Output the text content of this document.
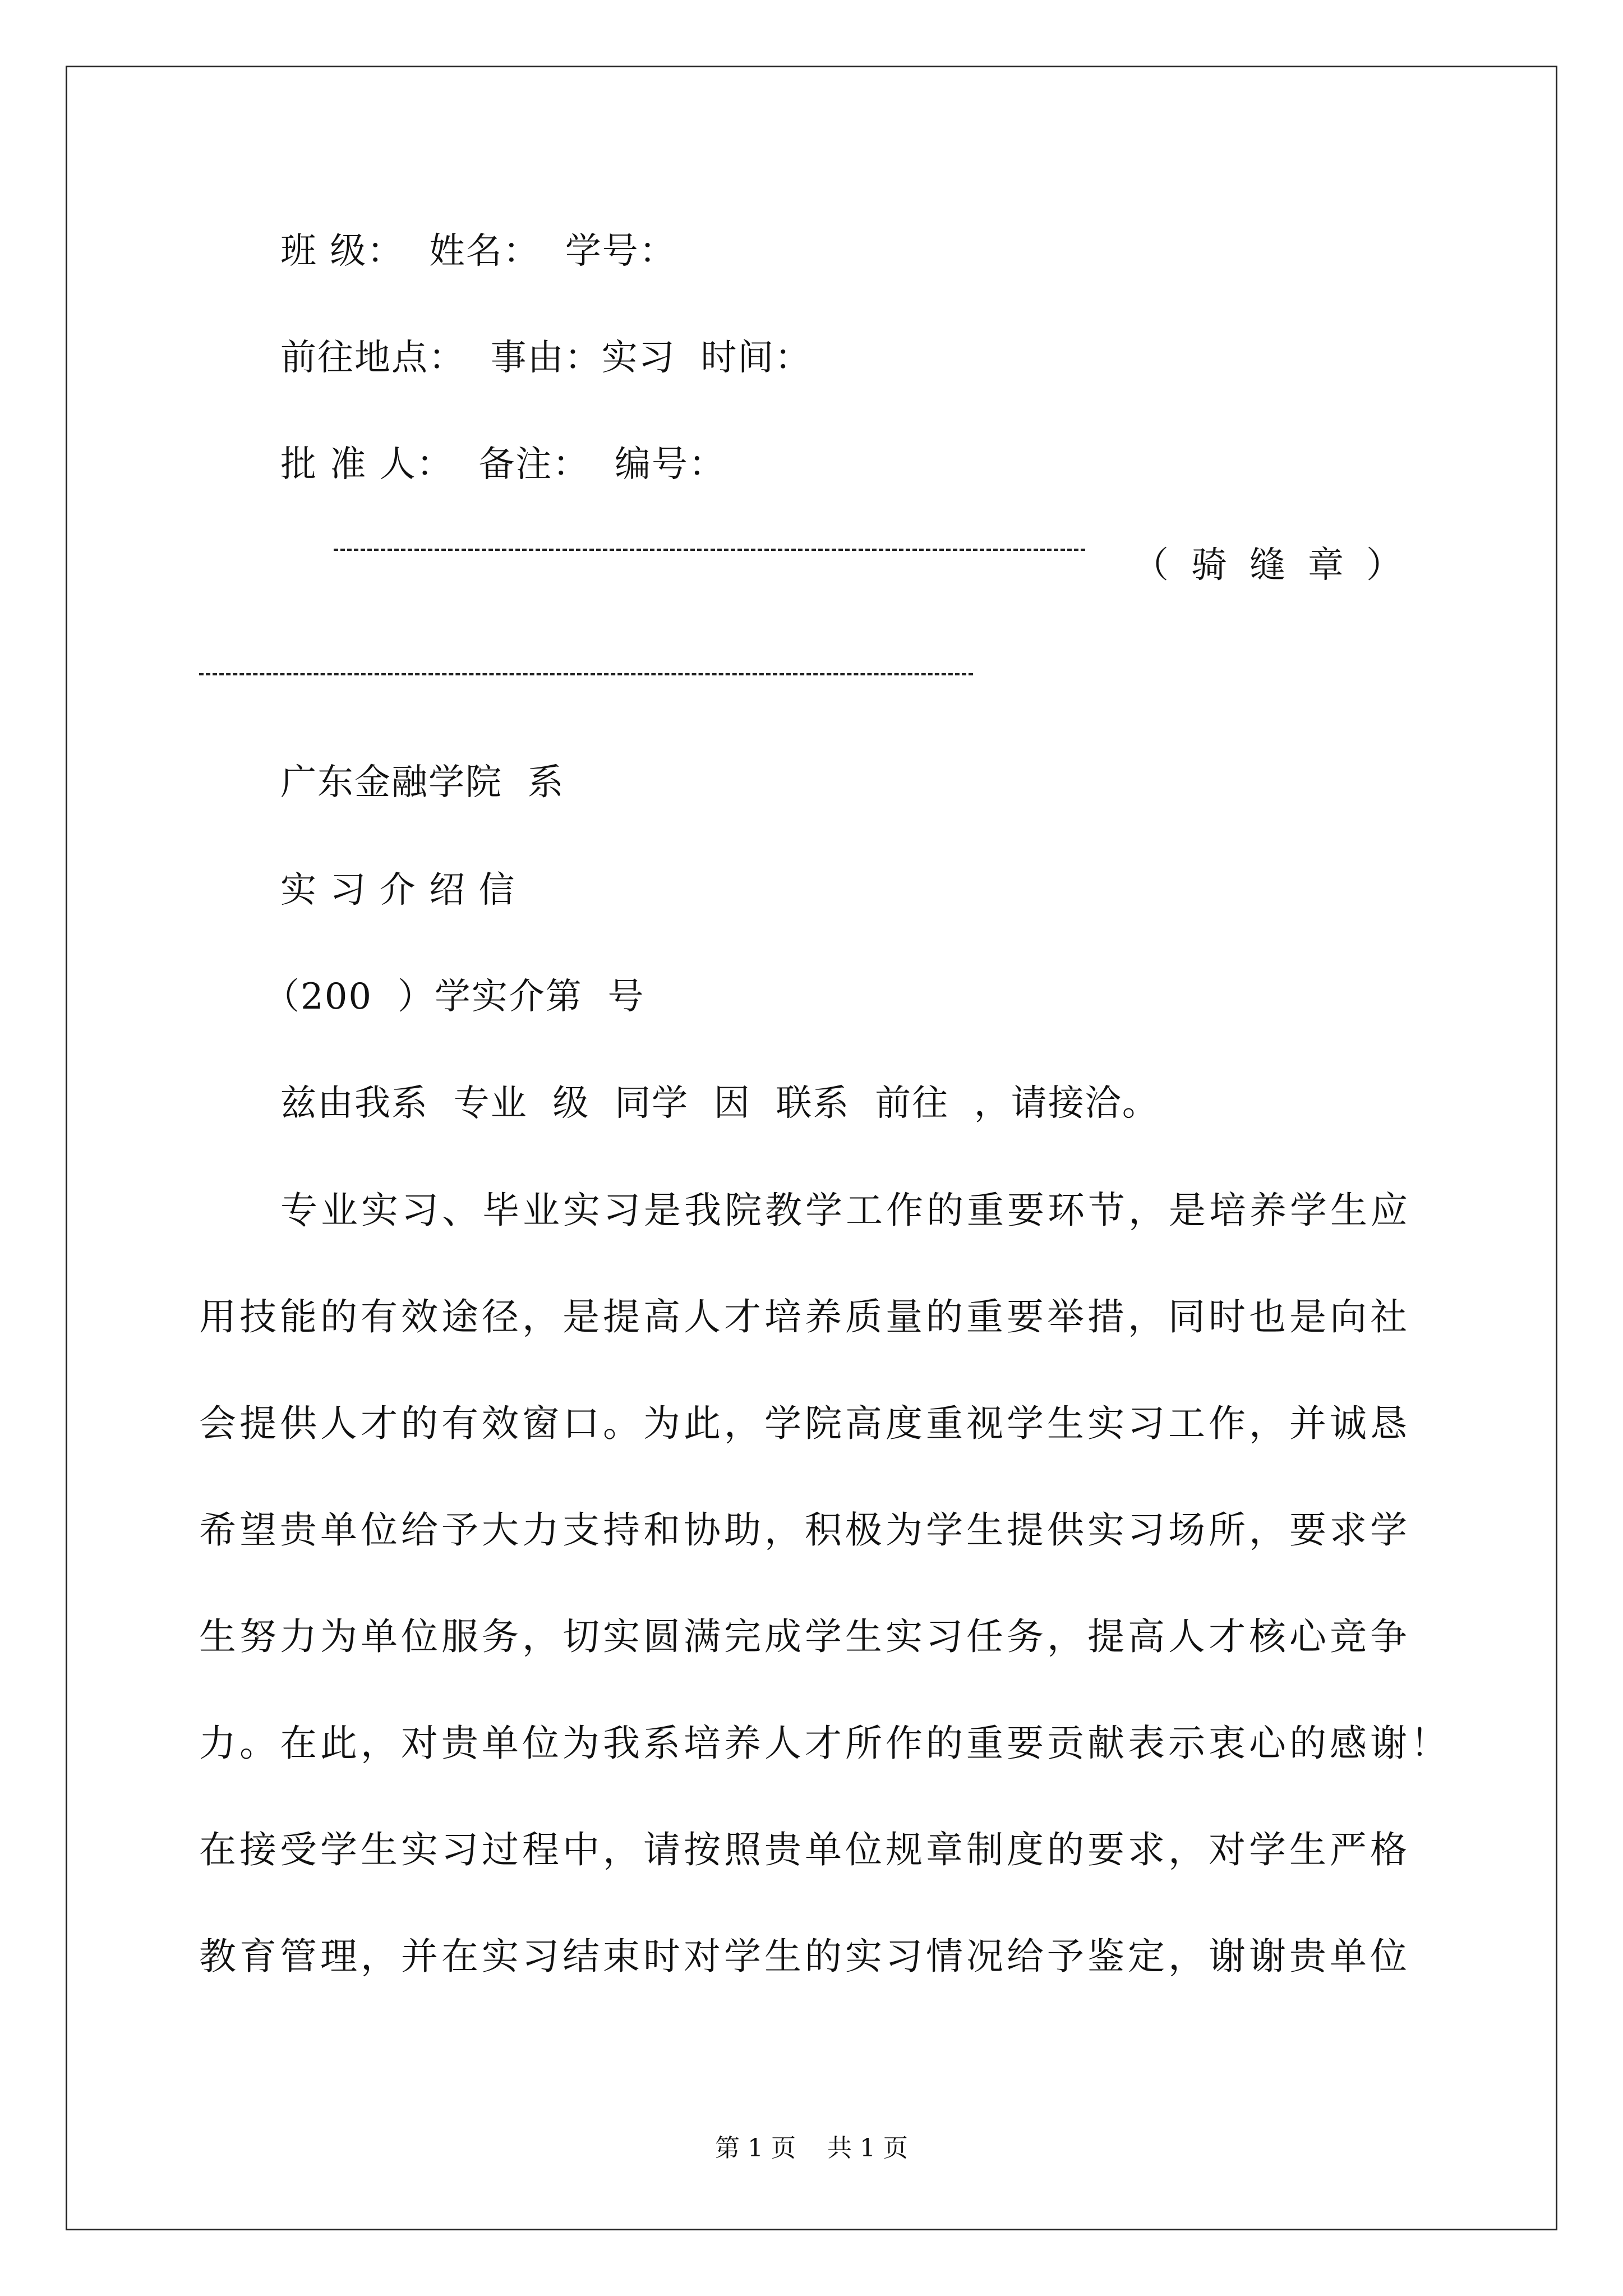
班 级：  姓名：  学号：
前往地点：  事由：实习  时间：
批 准 人：  备注：  编号：
（骑缝章）
广东金融学院  系
实 习 介 绍 信
（200  ）学实介第  号
兹由我系  专业  级  同学  因  联系  前往  ，请接洽。
专业实习、毕业实习是我院教学工作的重要环节，是培养学生应
用技能的有效途径，是提高人才培养质量的重要举措，同时也是向社
会提供人才的有效窗口。为此，学院高度重视学生实习工作，并诚恳
希望贵单位给予大力支持和协助，积极为学生提供实习场所，要求学
生努力为单位服务，切实圆满完成学生实习任务，提高人才核心竞争
力。在此，对贵单位为我系培养人才所作的重要贡献表示衷心的感谢！
在接受学生实习过程中，请按照贵单位规章制度的要求，对学生严格
教育管理，并在实习结束时对学生的实习情况给予鉴定，谢谢贵单位
第 1 页    共 1 页
